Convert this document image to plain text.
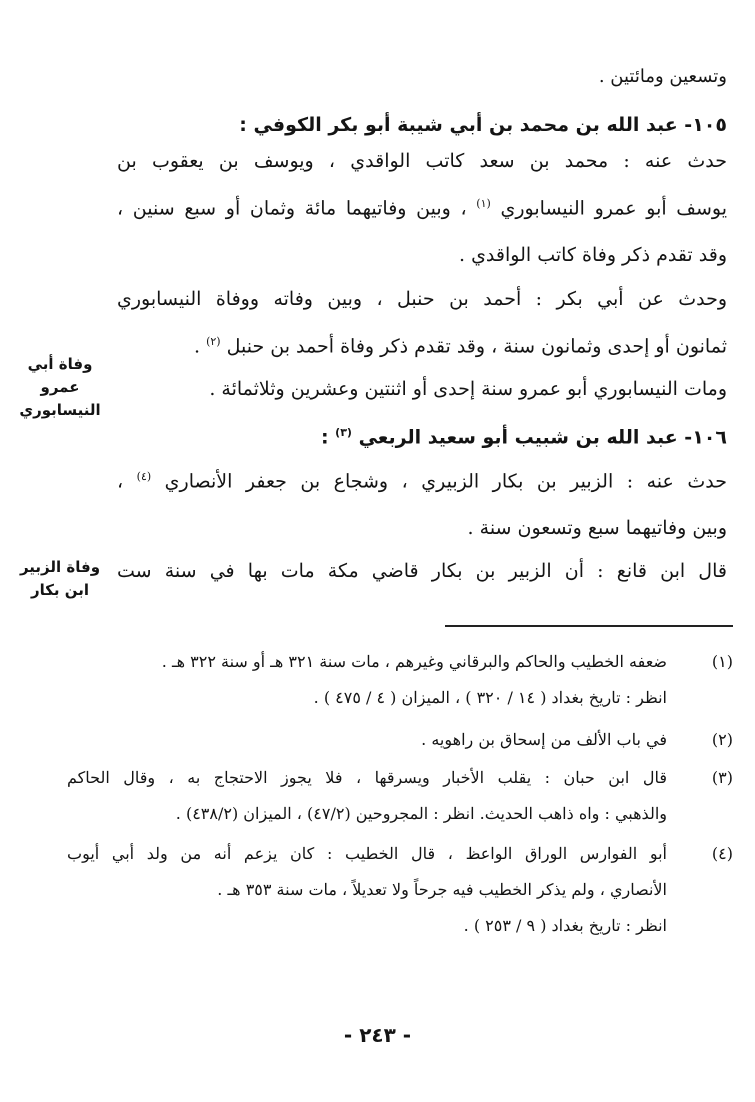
وتسعين ومائتين .
١٠٥- عبد الله بن محمد بن أبي شيبة أبو بكر الكوفي :
حدث عنه : محمد بن سعد كاتب الواقدي ، ويوسف بن يعقوب بن
يوسف أبو عمرو النيسابوري $^{(١)}$ ، وبين وفاتيهما مائة وثمان أو سبع سنين ،
وقد تقدم ذكر وفاة كاتب الواقدي .
وحدث عن أبي بكر : أحمد بن حنبل ، وبين وفاته ووفاة النيسابوري
ثمانون أو إحدى وثمانون سنة ، وقد تقدم ذكر وفاة أحمد بن حنبل $^{(٢)}$ .
ومات النيسابوري أبو عمرو سنة إحدى أو اثنتين وعشرين وثلاثمائة .
١٠٦- عبد الله بن شبيب أبو سعيد الربعي $^{(٣)}$ :
حدث عنه : الزبير بن بكار الزبيري ، وشجاع بن جعفر الأنصاري $^{(٤)}$ ،
وبين وفاتيهما سبع وتسعون سنة .
قال ابن قانع : أن الزبير بن بكار قاضي مكة مات بها في سنة ست
وفاة أبي
عمرو
النيسابوري
وفاة الزبير
ابن بكار
(١)
ضعفه الخطيب والحاكم والبرقاني وغيرهم ، مات سنة ٣٢١ هـ أو سنة ٣٢٢ هـ .
انظر : تاريخ بغداد ( ١٤ / ٣٢٠ ) ، الميزان ( ٤ / ٤٧٥ ) .
(٢)
في باب الألف من إسحاق بن راهويه .
(٣)
قال ابن حبان : يقلب الأخبار ويسرقها ، فلا يجوز الاحتجاج به ، وقال الحاكم
والذهبي : واه ذاهب الحديث. انظر : المجروحين (٤٧/٢) ، الميزان (٤٣٨/٢) .
(٤)
أبو الفوارس الوراق الواعظ ، قال الخطيب : كان يزعم أنه من ولد أبي أيوب
الأنصاري ، ولم يذكر الخطيب فيه جرحاً ولا تعديلاً ، مات سنة ٣٥٣ هـ .
انظر : تاريخ بغداد ( ٩ / ٢٥٣ ) .
- ٢٤٣ -
